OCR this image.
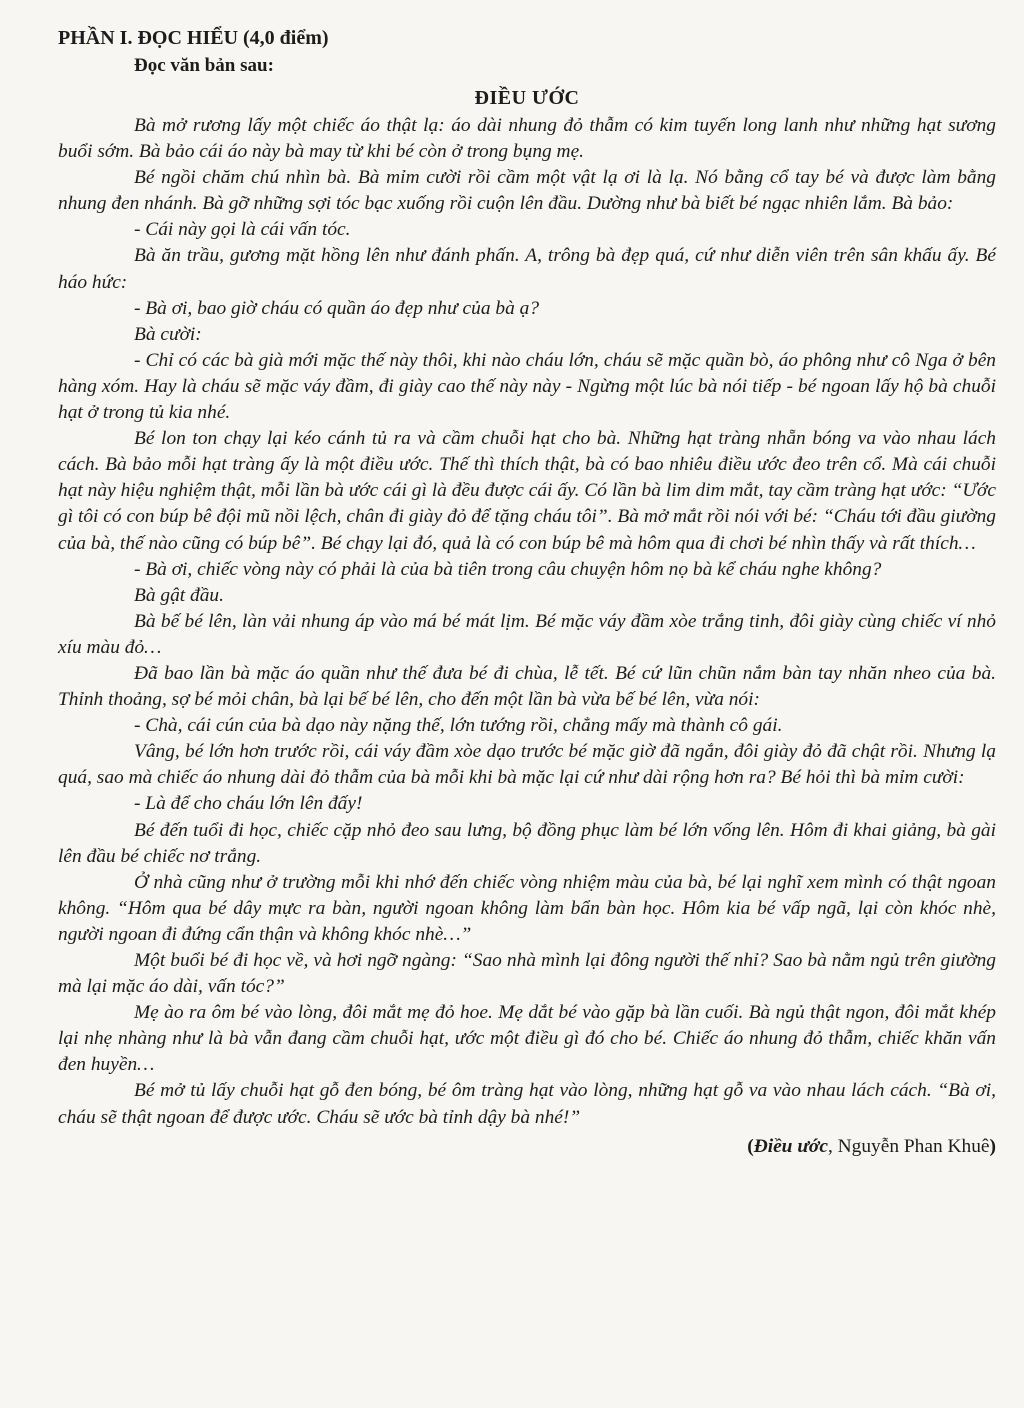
PHẦN I. ĐỌC HIỂU (4,0 điểm)

Đọc văn bản sau:

ĐIỀU ƯỚC

Bà mở rương lấy một chiếc áo thật lạ: áo dài nhung đỏ thẫm có kim tuyến long lanh như những hạt sương buổi sớm. Bà bảo cái áo này bà may từ khi bé còn ở trong bụng mẹ.

Bé ngồi chăm chú nhìn bà. Bà mỉm cười rồi cầm một vật lạ ơi là lạ. Nó bằng cổ tay bé và được làm bằng nhung đen nhánh. Bà gỡ những sợi tóc bạc xuống rồi cuộn lên đầu. Dường như bà biết bé ngạc nhiên lắm. Bà bảo:

- Cái này gọi là cái vấn tóc.

Bà ăn trầu, gương mặt hồng lên như đánh phấn. A, trông bà đẹp quá, cứ như diễn viên trên sân khấu ấy. Bé háo hức:

- Bà ơi, bao giờ cháu có quần áo đẹp như của bà ạ?

Bà cười:

- Chỉ có các bà già mới mặc thế này thôi, khi nào cháu lớn, cháu sẽ mặc quần bò, áo phông như cô Nga ở bên hàng xóm. Hay là cháu sẽ mặc váy đầm, đi giày cao thế này này - Ngừng một lúc bà nói tiếp - bé ngoan lấy hộ bà chuỗi hạt ở trong tủ kia nhé.

Bé lon ton chạy lại kéo cánh tủ ra và cầm chuỗi hạt cho bà. Những hạt tràng nhẵn bóng va vào nhau lách cách. Bà bảo mỗi hạt tràng ấy là một điều ước. Thế thì thích thật, bà có bao nhiêu điều ước đeo trên cổ. Mà cái chuỗi hạt này hiệu nghiệm thật, mỗi lần bà ước cái gì là đều được cái ấy. Có lần bà lim dim mắt, tay cầm tràng hạt ước: “Ước gì tôi có con búp bê đội mũ nồi lệch, chân đi giày đỏ để tặng cháu tôi”. Bà mở mắt rồi nói với bé: “Cháu tới đầu giường của bà, thế nào cũng có búp bê”. Bé chạy lại đó, quả là có con búp bê mà hôm qua đi chơi bé nhìn thấy và rất thích…

- Bà ơi, chiếc vòng này có phải là của bà tiên trong câu chuyện hôm nọ bà kể cháu nghe không?

Bà gật đầu.

Bà bế bé lên, làn vải nhung áp vào má bé mát lịm. Bé mặc váy đầm xòe trắng tinh, đôi giày cùng chiếc ví nhỏ xíu màu đỏ…

Đã bao lần bà mặc áo quần như thế đưa bé đi chùa, lễ tết. Bé cứ lũn chũn nắm bàn tay nhăn nheo của bà. Thỉnh thoảng, sợ bé mỏi chân, bà lại bế bé lên, cho đến một lần bà vừa bế bé lên, vừa nói:

- Chà, cái cún của bà dạo này nặng thế, lớn tướng rồi, chẳng mấy mà thành cô gái.

Vâng, bé lớn hơn trước rồi, cái váy đầm xòe dạo trước bé mặc giờ đã ngắn, đôi giày đỏ đã chật rồi. Nhưng lạ quá, sao mà chiếc áo nhung dài đỏ thẫm của bà mỗi khi bà mặc lại cứ như dài rộng hơn ra? Bé hỏi thì bà mỉm cười:

- Là để cho cháu lớn lên đấy!

Bé đến tuổi đi học, chiếc cặp nhỏ đeo sau lưng, bộ đồng phục làm bé lớn vống lên. Hôm đi khai giảng, bà gài lên đầu bé chiếc nơ trắng.

Ở nhà cũng như ở trường mỗi khi nhớ đến chiếc vòng nhiệm màu của bà, bé lại nghĩ xem mình có thật ngoan không. “Hôm qua bé dây mực ra bàn, người ngoan không làm bẩn bàn học. Hôm kia bé vấp ngã, lại còn khóc nhè, người ngoan đi đứng cẩn thận và không khóc nhè…”

Một buổi bé đi học về, và hơi ngỡ ngàng: “Sao nhà mình lại đông người thế nhỉ? Sao bà nằm ngủ trên giường mà lại mặc áo dài, vấn tóc?”

Mẹ ào ra ôm bé vào lòng, đôi mắt mẹ đỏ hoe. Mẹ dắt bé vào gặp bà lần cuối. Bà ngủ thật ngon, đôi mắt khép lại nhẹ nhàng như là bà vẫn đang cầm chuỗi hạt, ước một điều gì đó cho bé. Chiếc áo nhung đỏ thẫm, chiếc khăn vấn đen huyền…

Bé mở tủ lấy chuỗi hạt gỗ đen bóng, bé ôm tràng hạt vào lòng, những hạt gỗ va vào nhau lách cách. “Bà ơi, cháu sẽ thật ngoan để được ước. Cháu sẽ ước bà tỉnh dậy bà nhé!”

(Điều ước, Nguyễn Phan Khuê)
